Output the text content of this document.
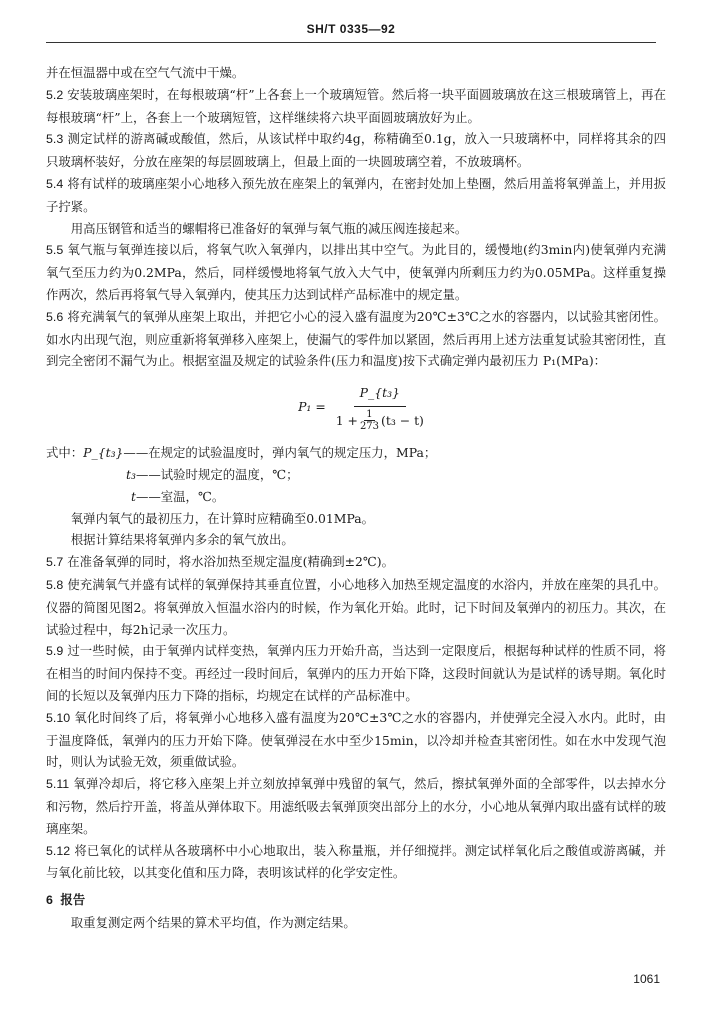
SH/T 0335—92

并在恒温器中或在空气气流中干燥。

5.2 安装玻璃座架时，在每根玻璃“杆”上各套上一个玻璃短管。然后将一块平面圆玻璃放在这三根玻璃管上，再在每根玻璃“杆”上，各套上一个玻璃短管，这样继续将六块平面圆玻璃放好为止。

5.3 测定试样的游离碱或酸值，然后，从该试样中取约4g，称精确至0.1g，放入一只玻璃杯中，同样将其余的四只玻璃杯装好，分放在座架的每层圆玻璃上，但最上面的一块圆玻璃空着，不放玻璃杯。

5.4 将有试样的玻璃座架小心地移入预先放在座架上的氧弹内，在密封处加上垫圈，然后用盖将氧弹盖上，并用扳子拧紧。

用高压钢管和适当的螺帽将已准备好的氧弹与氧气瓶的减压阀连接起来。

5.5 氧气瓶与氧弹连接以后，将氧气吹入氧弹内，以排出其中空气。为此目的，缓慢地(约3min内)使氧弹内充满氧气至压力约为0.2MPa，然后，同样缓慢地将氧气放入大气中，使氧弹内所剩压力约为0.05MPa。这样重复操作两次，然后再将氧气导入氧弹内，使其压力达到试样产品标准中的规定量。

5.6 将充满氧气的氧弹从座架上取出，并把它小心的浸入盛有温度为20℃±3℃之水的容器内，以试验其密闭性。如水内出现气泡，则应重新将氧弹移入座架上，使漏气的零件加以紧固，然后再用上述方法重复试验其密闭性，直到完全密闭不漏气为止。根据室温及规定的试验条件(压力和温度)按下式确定弹内最初压力 P₁(MPa)：

P₁ =
P_{t₃}
$1 + \frac{1}{273} (t_3 - t)$
式中： P_{t₃} ——在规定的试验温度时，弹内氧气的规定压力，MPa；
t₃ ——试验时规定的温度，℃；
t ——室温，℃。

氧弹内氧气的最初压力，在计算时应精确至0.01MPa。

根据计算结果将氧弹内多余的氧气放出。

5.7 在准备氧弹的同时，将水浴加热至规定温度(精确到±2℃)。

5.8 使充满氧气并盛有试样的氧弹保持其垂直位置，小心地移入加热至规定温度的水浴内，并放在座架的具孔中。仪器的简图见图2。将氧弹放入恒温水浴内的时候，作为氧化开始。此时，记下时间及氧弹内的初压力。其次，在试验过程中，每2h记录一次压力。

5.9 过一些时候，由于氧弹内试样变热，氧弹内压力开始升高，当达到一定限度后，根据每种试样的性质不同，将在相当的时间内保持不变。再经过一段时间后，氧弹内的压力开始下降，这段时间就认为是试样的诱导期。氧化时间的长短以及氧弹内压力下降的指标，均规定在试样的产品标准中。

5.10 氧化时间终了后，将氧弹小心地移入盛有温度为20℃±3℃之水的容器内，并使弹完全浸入水内。此时，由于温度降低，氧弹内的压力开始下降。使氧弹浸在水中至少15min，以冷却并检查其密闭性。如在水中发现气泡时，则认为试验无效，须重做试验。

5.11 氧弹冷却后，将它移入座架上并立刻放掉氧弹中残留的氧气，然后，擦拭氧弹外面的全部零件，以去掉水分和污物，然后拧开盖，将盖从弹体取下。用滤纸吸去氧弹顶突出部分上的水分，小心地从氧弹内取出盛有试样的玻璃座架。

5.12 将已氧化的试样从各玻璃杯中小心地取出，装入称量瓶，并仔细搅拌。测定试样氧化后之酸值或游离碱，并与氧化前比较，以其变化值和压力降，表明该试样的化学安定性。

6 报告

取重复测定两个结果的算术平均值，作为测定结果。

1061
